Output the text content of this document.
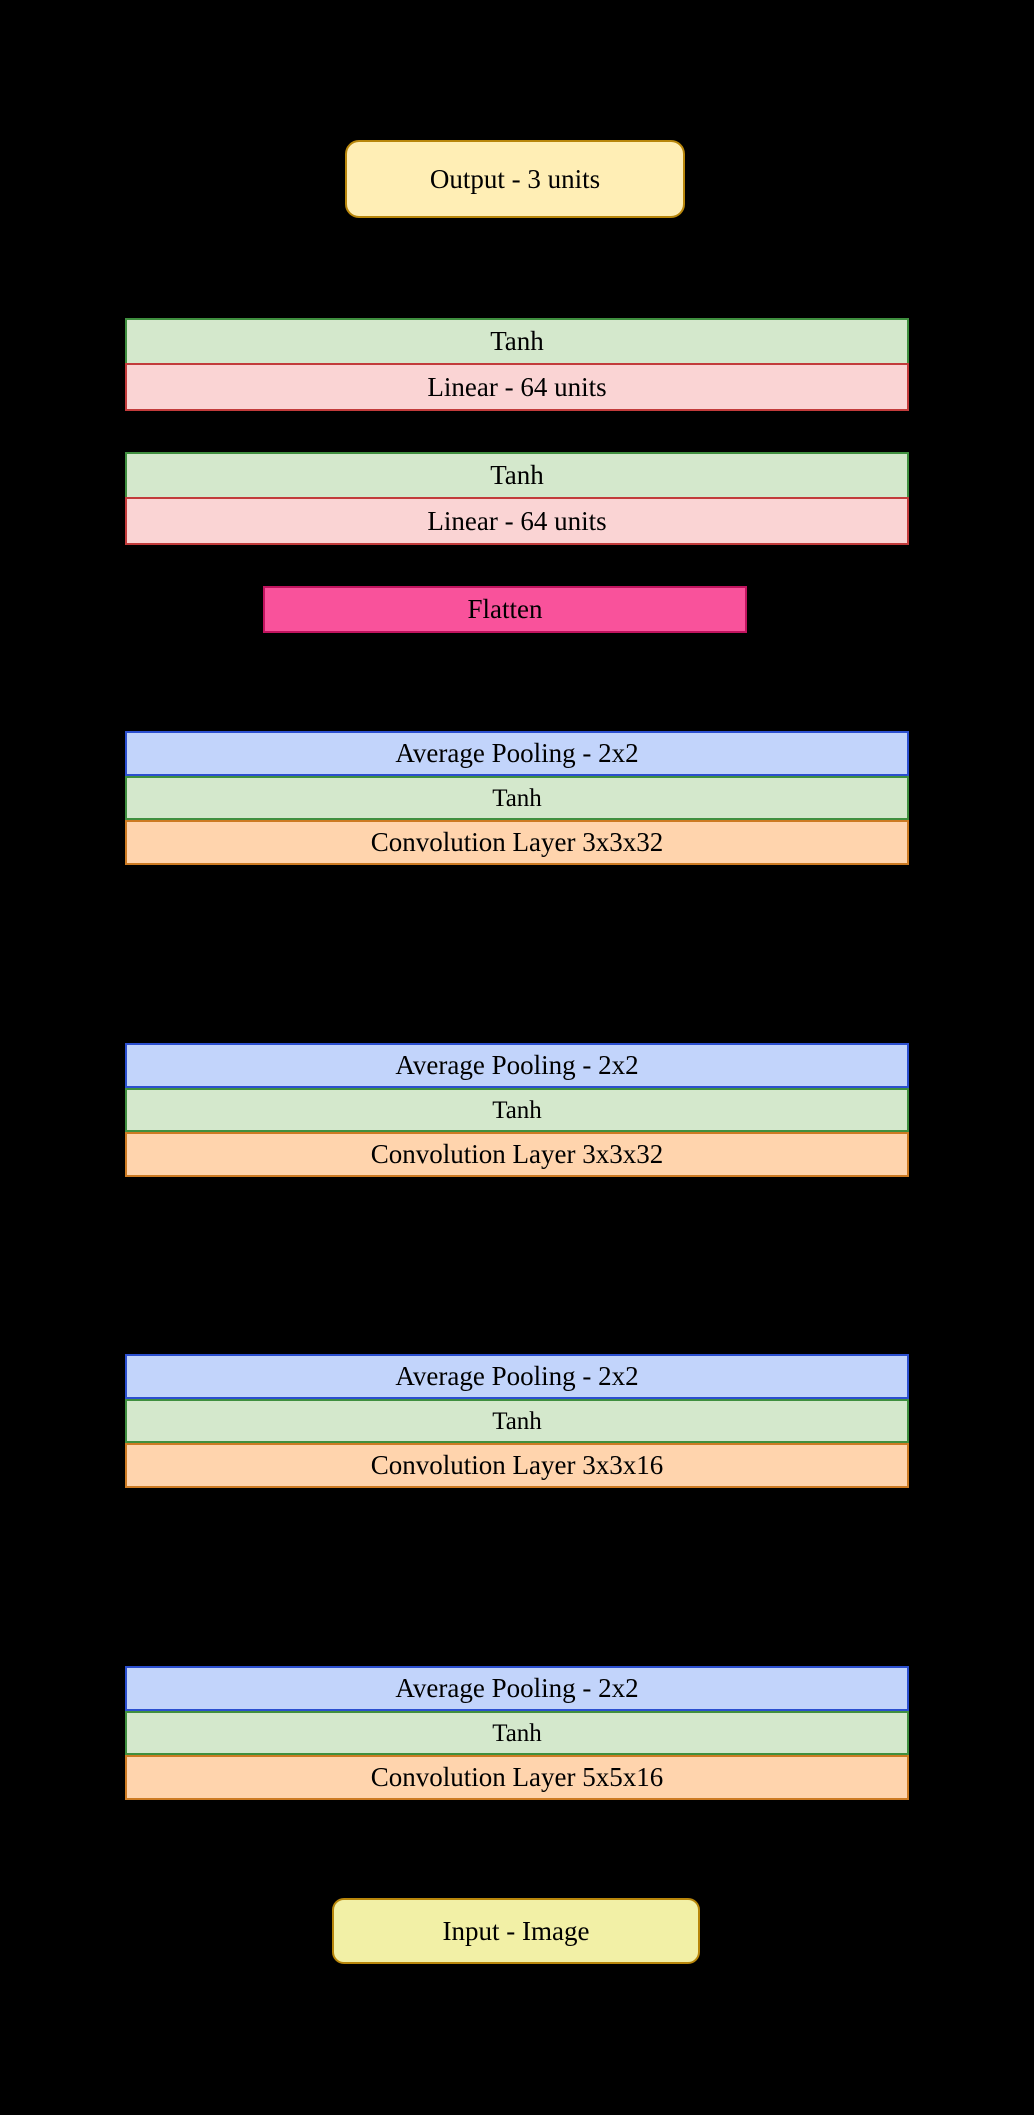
Output - 3 units
Tanh
Linear - 64 units
Tanh
Linear - 64 units
Flatten
Average Pooling - 2x2
Tanh
Convolution Layer 3x3x32
Average Pooling - 2x2
Tanh
Convolution Layer 3x3x32
Average Pooling - 2x2
Tanh
Convolution Layer 3x3x16
Average Pooling - 2x2
Tanh
Convolution Layer 5x5x16
Input - Image
